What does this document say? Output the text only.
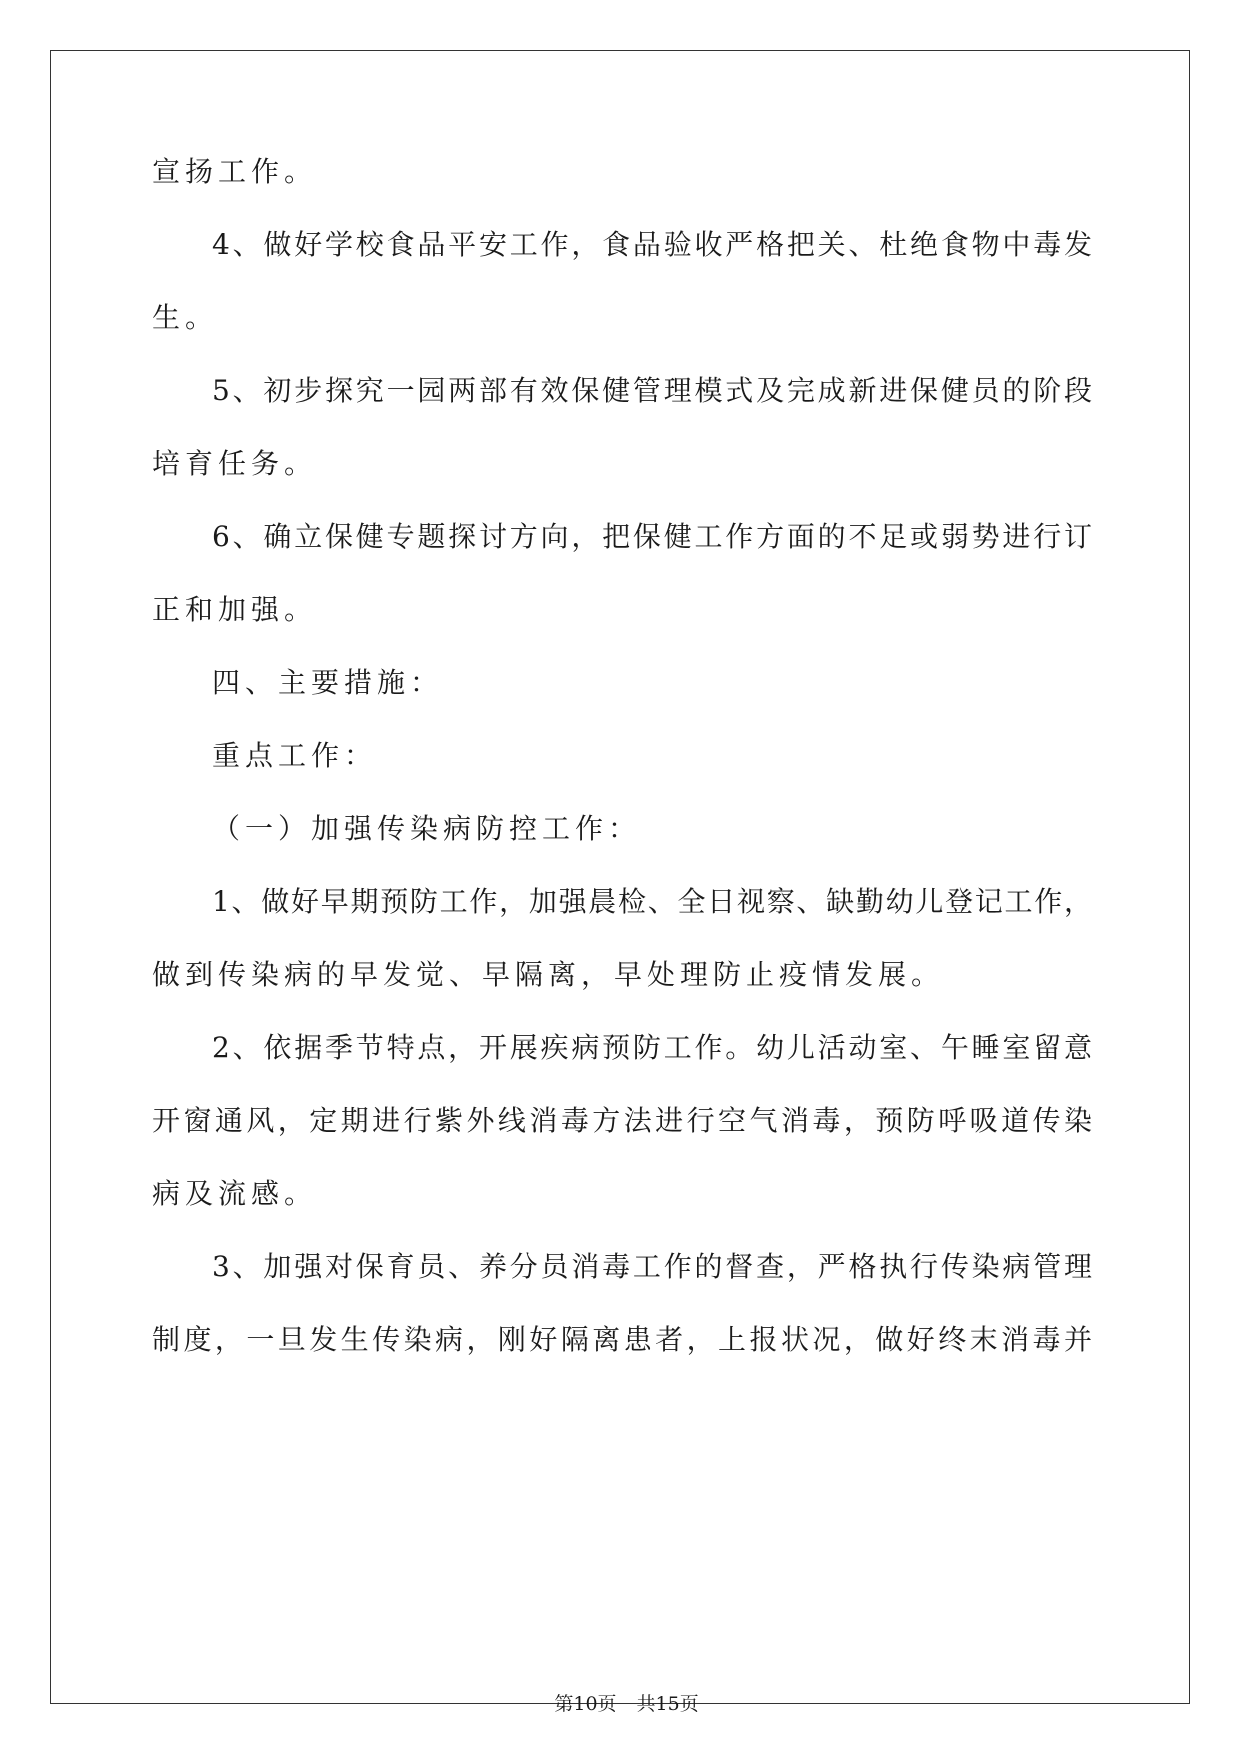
宣扬工作。
4、做好学校食品平安工作，食品验收严格把关、杜绝食物中毒发
生。
5、初步探究一园两部有效保健管理模式及完成新进保健员的阶段
培育任务。
6、确立保健专题探讨方向，把保健工作方面的不足或弱势进行订
正和加强。
四、主要措施：
重点工作：
（一）加强传染病防控工作：
1、做好早期预防工作，加强晨检、全日视察、缺勤幼儿登记工作，
做到传染病的早发觉、早隔离，早处理防止疫情发展。
2、依据季节特点，开展疾病预防工作。幼儿活动室、午睡室留意
开窗通风，定期进行紫外线消毒方法进行空气消毒，预防呼吸道传染
病及流感。
3、加强对保育员、养分员消毒工作的督查，严格执行传染病管理
制度，一旦发生传染病，刚好隔离患者，上报状况，做好终末消毒并

第10页 共15页
